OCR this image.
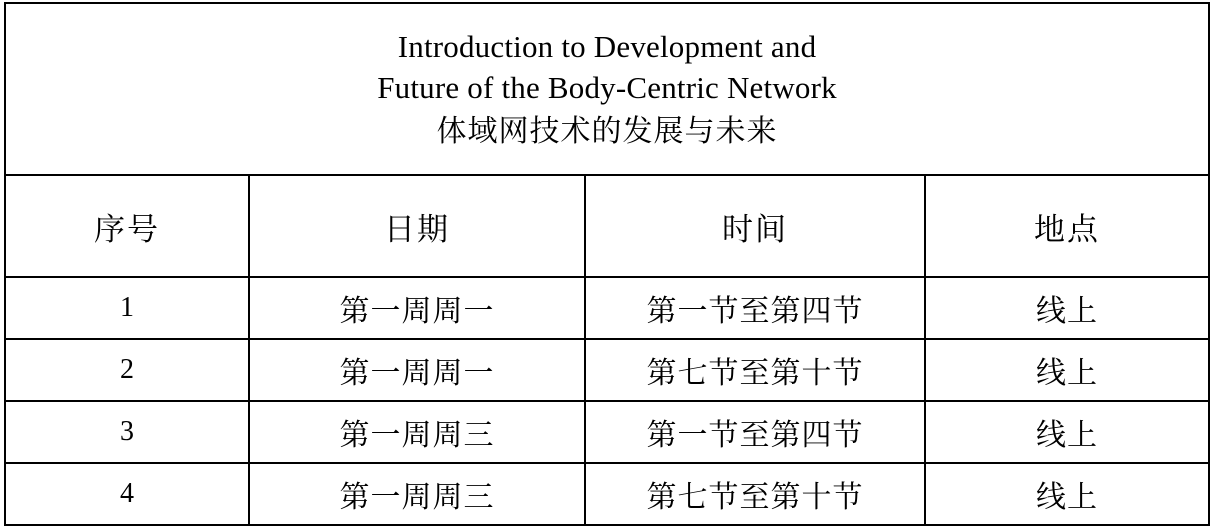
Introduction to Development and
Future of the Body-Centric Network
体域网技术的发展与未来			

序号	日期	时间	地点
1	第一周周一	第一节至第四节	线上
2	第一周周一	第七节至第十节	线上
3	第一周周三	第一节至第四节	线上
4	第一周周三	第七节至第十节	线上
